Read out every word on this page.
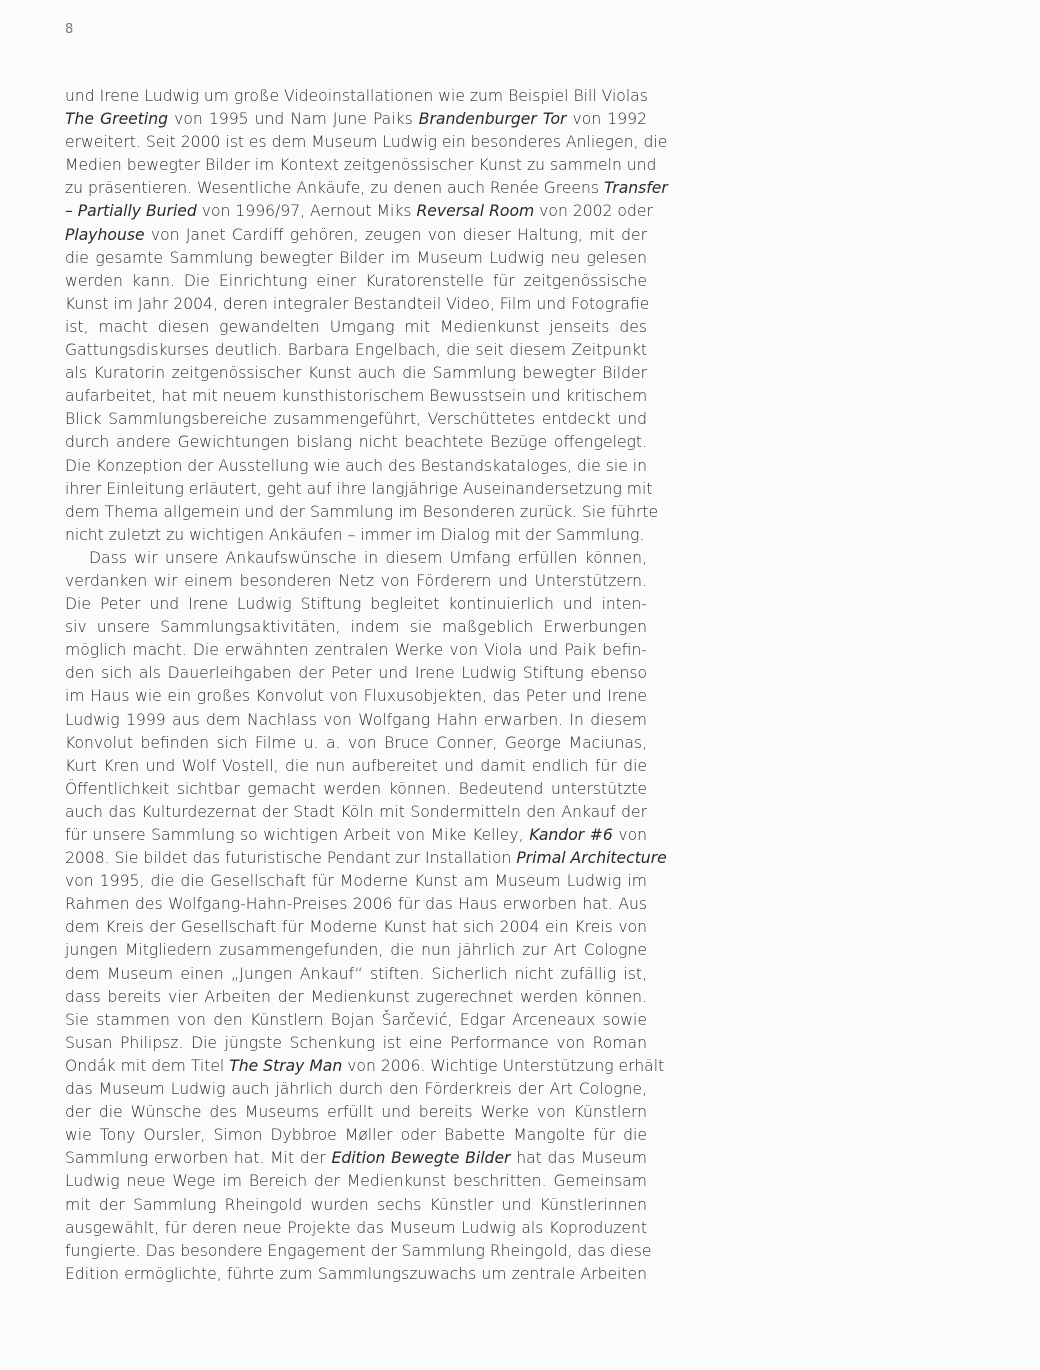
8
und Irene Ludwig um große Videoinstallationen wie zum Beispiel Bill Violas
The Greeting von 1995 und Nam June Paiks Brandenburger Tor von 1992
erweitert. Seit 2000 ist es dem Museum Ludwig ein besonderes Anliegen, die
Medien bewegter Bilder im Kontext zeitgenössischer Kunst zu sammeln und
zu präsentieren. Wesentliche Ankäufe, zu denen auch Renée Greens Transfer
– Partially Buried von 1996/97, Aernout Miks Reversal Room von 2002 oder
Playhouse von Janet Cardiff gehören, zeugen von dieser Haltung, mit der
die gesamte Sammlung bewegter Bilder im Museum Ludwig neu gelesen
werden kann. Die Einrichtung einer Kuratorenstelle für zeitgenössische
Kunst im Jahr 2004, deren integraler Bestandteil Video, Film und Fotografie
ist, macht diesen gewandelten Umgang mit Medienkunst jenseits des
Gattungsdiskurses deutlich. Barbara Engelbach, die seit diesem Zeitpunkt
als Kuratorin zeitgenössischer Kunst auch die Sammlung bewegter Bilder
aufarbeitet, hat mit neuem kunsthistorischem Bewusstsein und kritischem
Blick Sammlungsbereiche zusammengeführt, Verschüttetes entdeckt und
durch andere Gewichtungen bislang nicht beachtete Bezüge offengelegt.
Die Konzeption der Ausstellung wie auch des Bestandskataloges, die sie in
ihrer Einleitung erläutert, geht auf ihre langjährige Auseinandersetzung mit
dem Thema allgemein und der Sammlung im Besonderen zurück. Sie führte
nicht zuletzt zu wichtigen Ankäufen – immer im Dialog mit der Sammlung.
Dass wir unsere Ankaufswünsche in diesem Umfang erfüllen können,
verdanken wir einem besonderen Netz von Förderern und Unterstützern.
Die Peter und Irene Ludwig Stiftung begleitet kontinuierlich und inten-
siv unsere Sammlungsaktivitäten, indem sie maßgeblich Erwerbungen
möglich macht. Die erwähnten zentralen Werke von Viola und Paik befin-
den sich als Dauerleihgaben der Peter und Irene Ludwig Stiftung ebenso
im Haus wie ein großes Konvolut von Fluxusobjekten, das Peter und Irene
Ludwig 1999 aus dem Nachlass von Wolfgang Hahn erwarben. In diesem
Konvolut befinden sich Filme u. a. von Bruce Conner, George Maciunas,
Kurt Kren und Wolf Vostell, die nun aufbereitet und damit endlich für die
Öffentlichkeit sichtbar gemacht werden können. Bedeutend unterstützte
auch das Kulturdezernat der Stadt Köln mit Sondermitteln den Ankauf der
für unsere Sammlung so wichtigen Arbeit von Mike Kelley, Kandor #6 von
2008. Sie bildet das futuristische Pendant zur Installation Primal Architecture
von 1995, die die Gesellschaft für Moderne Kunst am Museum Ludwig im
Rahmen des Wolfgang-Hahn-Preises 2006 für das Haus erworben hat. Aus
dem Kreis der Gesellschaft für Moderne Kunst hat sich 2004 ein Kreis von
jungen Mitgliedern zusammengefunden, die nun jährlich zur Art Cologne
dem Museum einen „Jungen Ankauf“ stiften. Sicherlich nicht zufällig ist,
dass bereits vier Arbeiten der Medienkunst zugerechnet werden können.
Sie stammen von den Künstlern Bojan Šarčević, Edgar Arceneaux sowie
Susan Philipsz. Die jüngste Schenkung ist eine Performance von Roman
Ondák mit dem Titel The Stray Man von 2006. Wichtige Unterstützung erhält
das Museum Ludwig auch jährlich durch den Förderkreis der Art Cologne,
der die Wünsche des Museums erfüllt und bereits Werke von Künstlern
wie Tony Oursler, Simon Dybbroe Møller oder Babette Mangolte für die
Sammlung erworben hat. Mit der Edition Bewegte Bilder hat das Museum
Ludwig neue Wege im Bereich der Medienkunst beschritten. Gemeinsam
mit der Sammlung Rheingold wurden sechs Künstler und Künstlerinnen
ausgewählt, für deren neue Projekte das Museum Ludwig als Koproduzent
fungierte. Das besondere Engagement der Sammlung Rheingold, das diese
Edition ermöglichte, führte zum Sammlungszuwachs um zentrale Arbeiten
